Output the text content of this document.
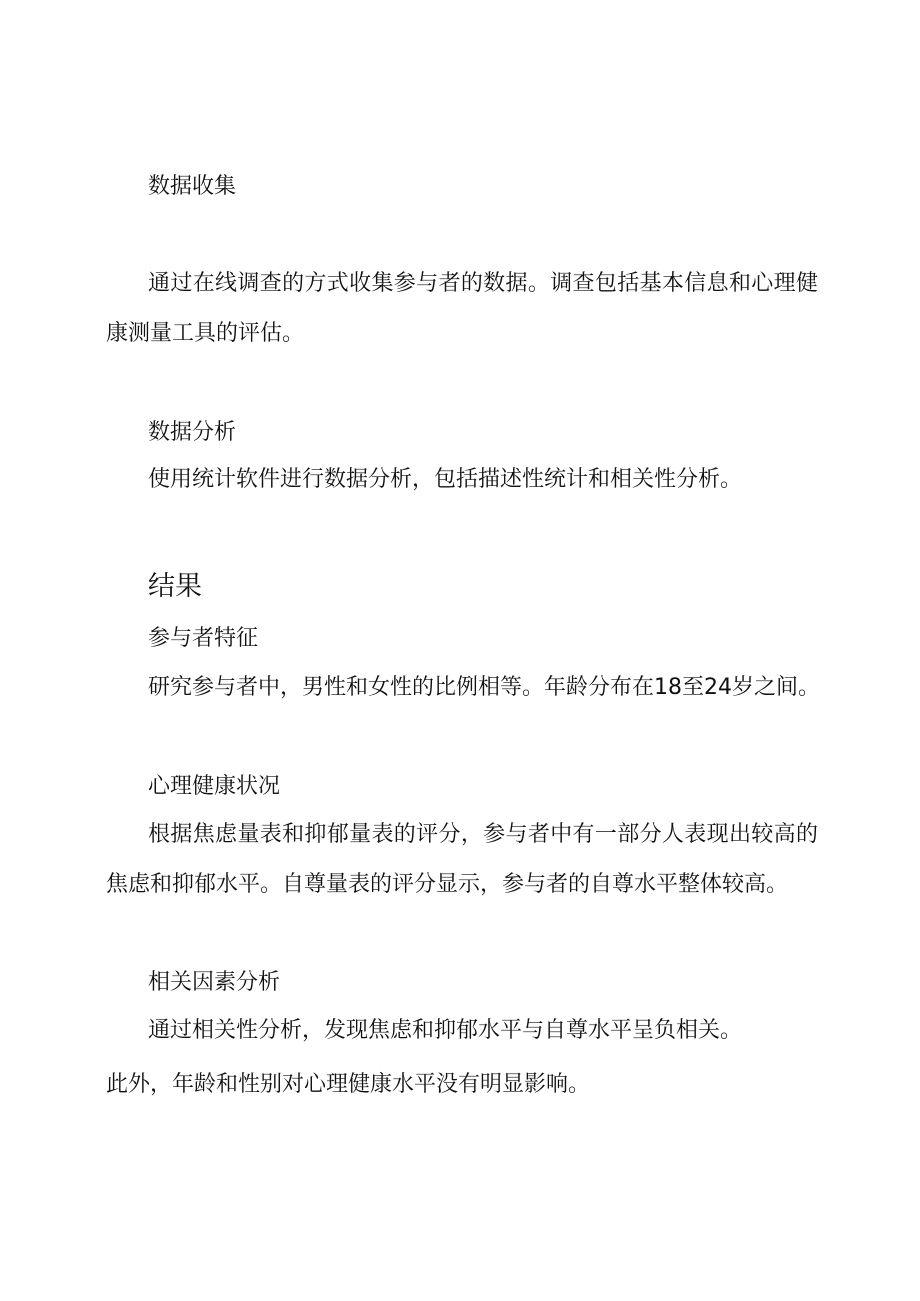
数据收集

通过在线调查的方式收集参与者的数据。调查包括基本信息和心理健康测量工具的评估。

数据分析

使用统计软件进行数据分析，包括描述性统计和相关性分析。

结果
参与者特征

研究参与者中，男性和女性的比例相等。年龄分布在18至24岁之间。

心理健康状况

根据焦虑量表和抑郁量表的评分，参与者中有一部分人表现出较高的焦虑和抑郁水平。自尊量表的评分显示，参与者的自尊水平整体较高。

相关因素分析

通过相关性分析，发现焦虑和抑郁水平与自尊水平呈负相关。

此外，年龄和性别对心理健康水平没有明显影响。
